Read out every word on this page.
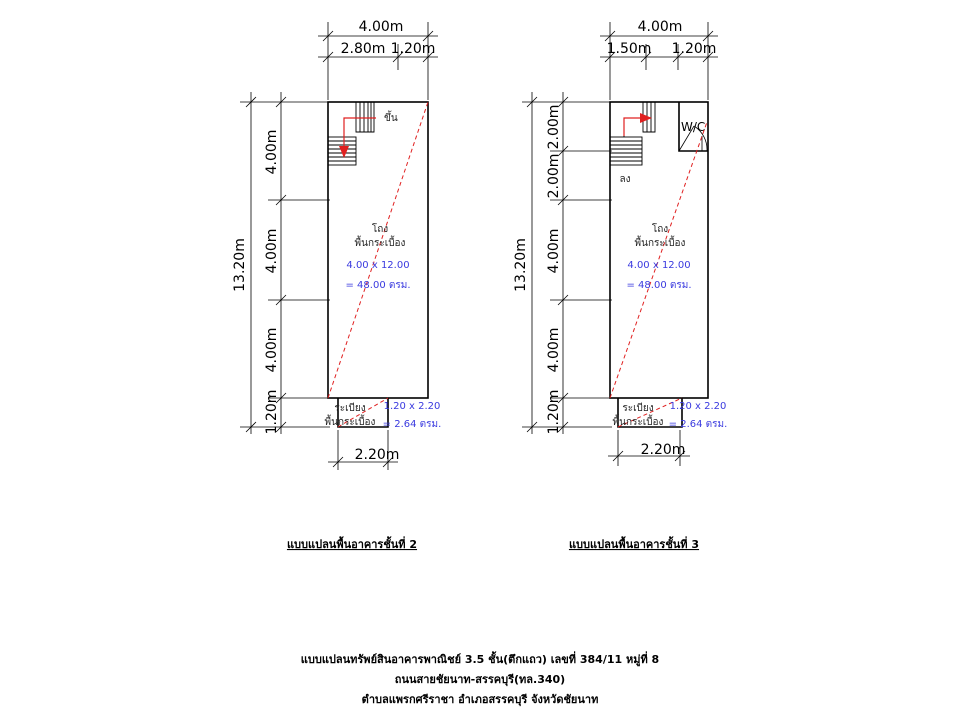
4.00m
2.80m 1.20m
13.20m
4.00m
4.00m
4.00m
1.20m
2.20m
ขึ้น
โถง
พื้นกระเบื้อง
4.00 x 12.00
= 48.00 ตรม.
ระเบียง
พื้นกระเบื้อง
1.20 x 2.20
= 2.64 ตรม.
แบบแปลนพื้นอาคารชั้นที่ 2
4.00m
1.50m 1.20m
13.20m
2.00m
2.00m
4.00m
4.00m
1.20m
2.20m
W/C
ลง
โถง
พื้นกระเบื้อง
4.00 x 12.00
= 48.00 ตรม.
ระเบียง
พื้นกระเบื้อง
1.20 x 2.20
= 2.64 ตรม.
แบบแปลนพื้นอาคารชั้นที่ 3
แบบแปลนทรัพย์สินอาคารพาณิชย์ 3.5 ชั้น(ตึกแถว) เลขที่ 384/11 หมู่ที่ 8
ถนนสายชัยนาท-สรรคบุรี(ทล.340)
ตำบลแพรกศรีราชา อำเภอสรรคบุรี จังหวัดชัยนาท
